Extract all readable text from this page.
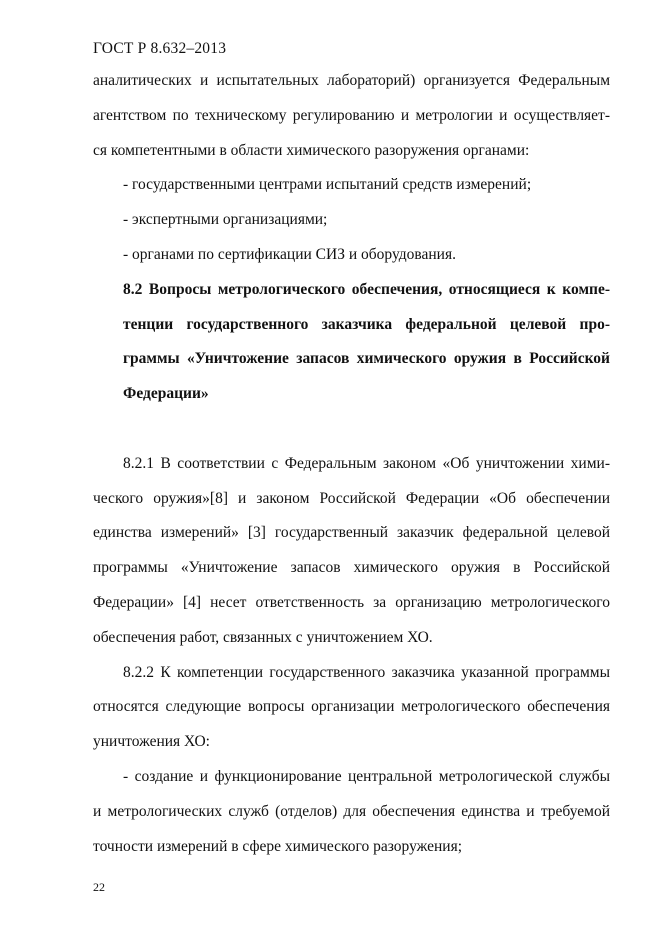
ГОСТ Р 8.632–2013
аналитических и испытательных лабораторий) организуется Федеральным
агентством по техническому регулированию и метрологии и осуществляет-
ся компетентными в области химического разоружения органами:
- государственными центрами испытаний средств измерений;
- экспертными организациями;
- органами по сертификации СИЗ и оборудования.
8.2 Вопросы метрологического обеспечения, относящиеся к компе-
тенции государственного заказчика федеральной целевой про-
граммы «Уничтожение запасов химического оружия в Российской
Федерации»
8.2.1 В соответствии с Федеральным законом «Об уничтожении хими-
ческого оружия»[8] и законом Российской Федерации «Об обеспечении
единства измерений» [3] государственный заказчик федеральной целевой
программы «Уничтожение запасов химического оружия в Российской
Федерации» [4] несет ответственность за организацию метрологического
обеспечения работ, связанных с уничтожением ХО.
8.2.2 К компетенции государственного заказчика указанной программы
относятся следующие вопросы организации метрологического обеспечения
уничтожения ХО:
- создание и функционирование центральной метрологической службы
и метрологических служб (отделов) для обеспечения единства и требуемой
точности измерений в сфере химического разоружения;
22
